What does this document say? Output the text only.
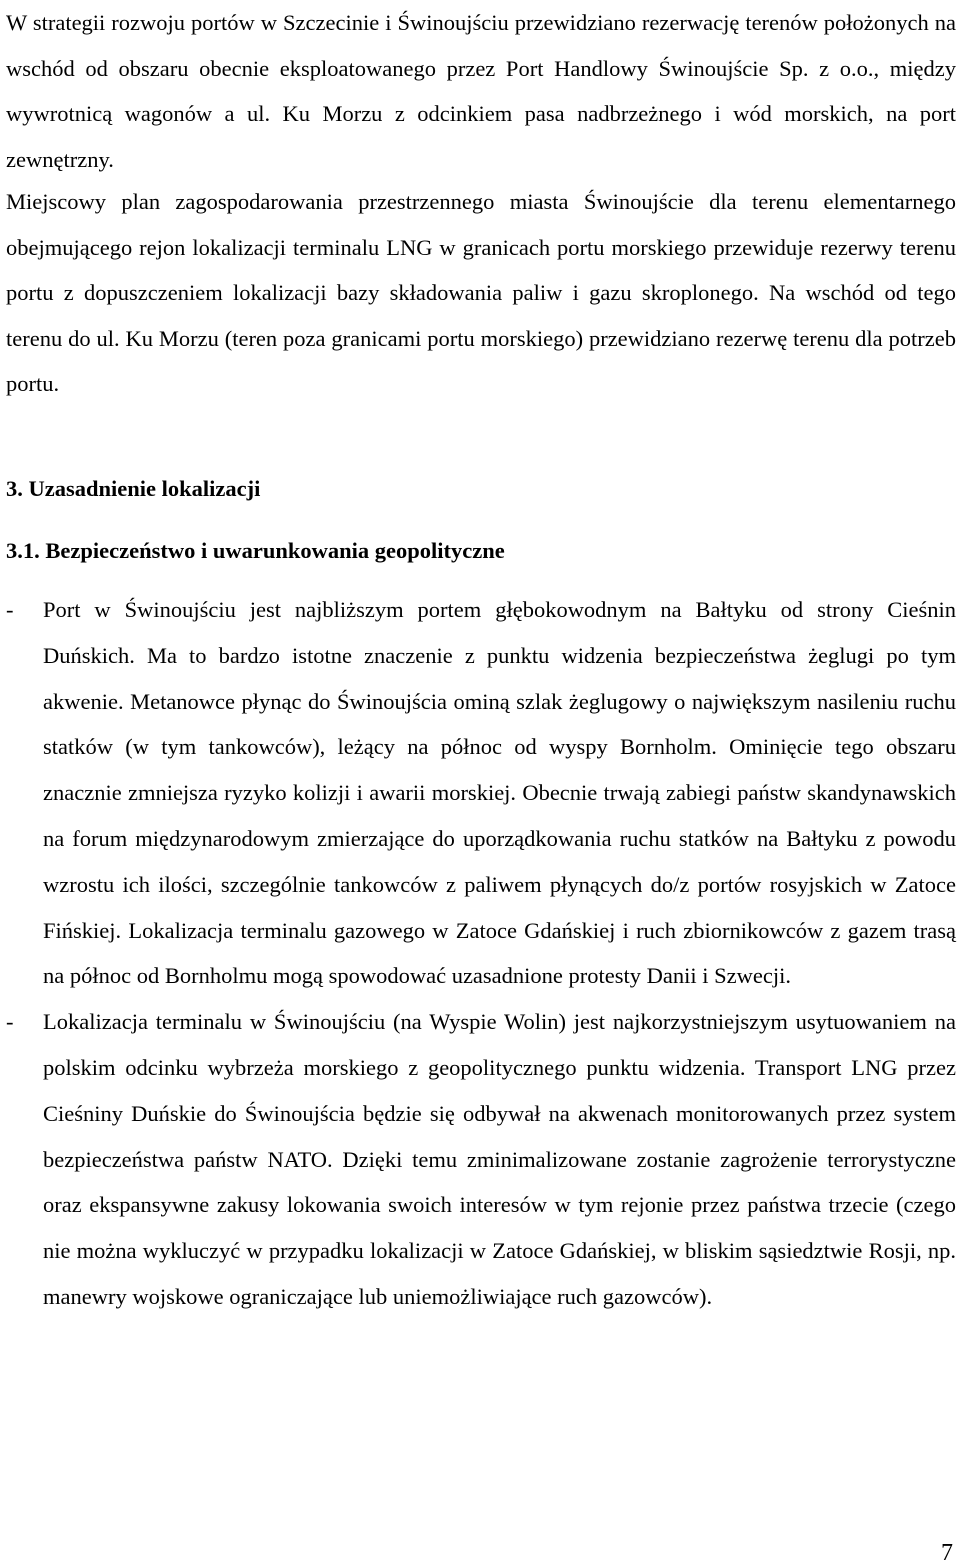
W strategii rozwoju portów w Szczecinie i Świnoujściu przewidziano rezerwację terenów położonych na wschód od obszaru obecnie eksploatowanego przez Port Handlowy Świnoujście Sp. z o.o., między wywrotnicą wagonów a ul. Ku Morzu z odcinkiem pasa nadbrzeżnego i wód morskich, na port zewnętrzny.

Miejscowy plan zagospodarowania przestrzennego miasta Świnoujście dla terenu elementarnego obejmującego rejon lokalizacji terminalu LNG w granicach portu morskiego przewiduje rezerwy terenu portu z dopuszczeniem lokalizacji bazy składowania paliw i gazu skroplonego. Na wschód od tego terenu do ul. Ku Morzu (teren poza granicami portu morskiego) przewidziano rezerwę terenu dla potrzeb portu.

3. Uzasadnienie lokalizacji
3.1. Bezpieczeństwo i uwarunkowania geopolityczne
- Port w Świnoujściu jest najbliższym portem głębokowodnym na Bałtyku od strony Cieśnin Duńskich. Ma to bardzo istotne znaczenie z punktu widzenia bezpieczeństwa żeglugi po tym akwenie. Metanowce płynąc do Świnoujścia ominą szlak żeglugowy o największym nasileniu ruchu statków (w tym tankowców), leżący na północ od wyspy Bornholm. Ominięcie tego obszaru znacznie zmniejsza ryzyko kolizji i awarii morskiej. Obecnie trwają zabiegi państw skandynawskich na forum międzynarodowym zmierzające do uporządkowania ruchu statków na Bałtyku z powodu wzrostu ich ilości, szczególnie tankowców z paliwem płynących do/z portów rosyjskich w Zatoce Fińskiej. Lokalizacja terminalu gazowego w Zatoce Gdańskiej i ruch zbiornikowców z gazem trasą na północ od Bornholmu mogą spowodować uzasadnione protesty Danii i Szwecji.
- Lokalizacja terminalu w Świnoujściu (na Wyspie Wolin) jest najkorzystniejszym usytuowaniem na polskim odcinku wybrzeża morskiego z geopolitycznego punktu widzenia. Transport LNG przez Cieśniny Duńskie do Świnoujścia będzie się odbywał na akwenach monitorowanych przez system bezpieczeństwa państw NATO. Dzięki temu zminimalizowane zostanie zagrożenie terrorystyczne oraz ekspansywne zakusy lokowania swoich interesów w tym rejonie przez państwa trzecie (czego nie można wykluczyć w przypadku lokalizacji w Zatoce Gdańskiej, w bliskim sąsiedztwie Rosji, np. manewry wojskowe ograniczające lub uniemożliwiające ruch gazowców).

7
